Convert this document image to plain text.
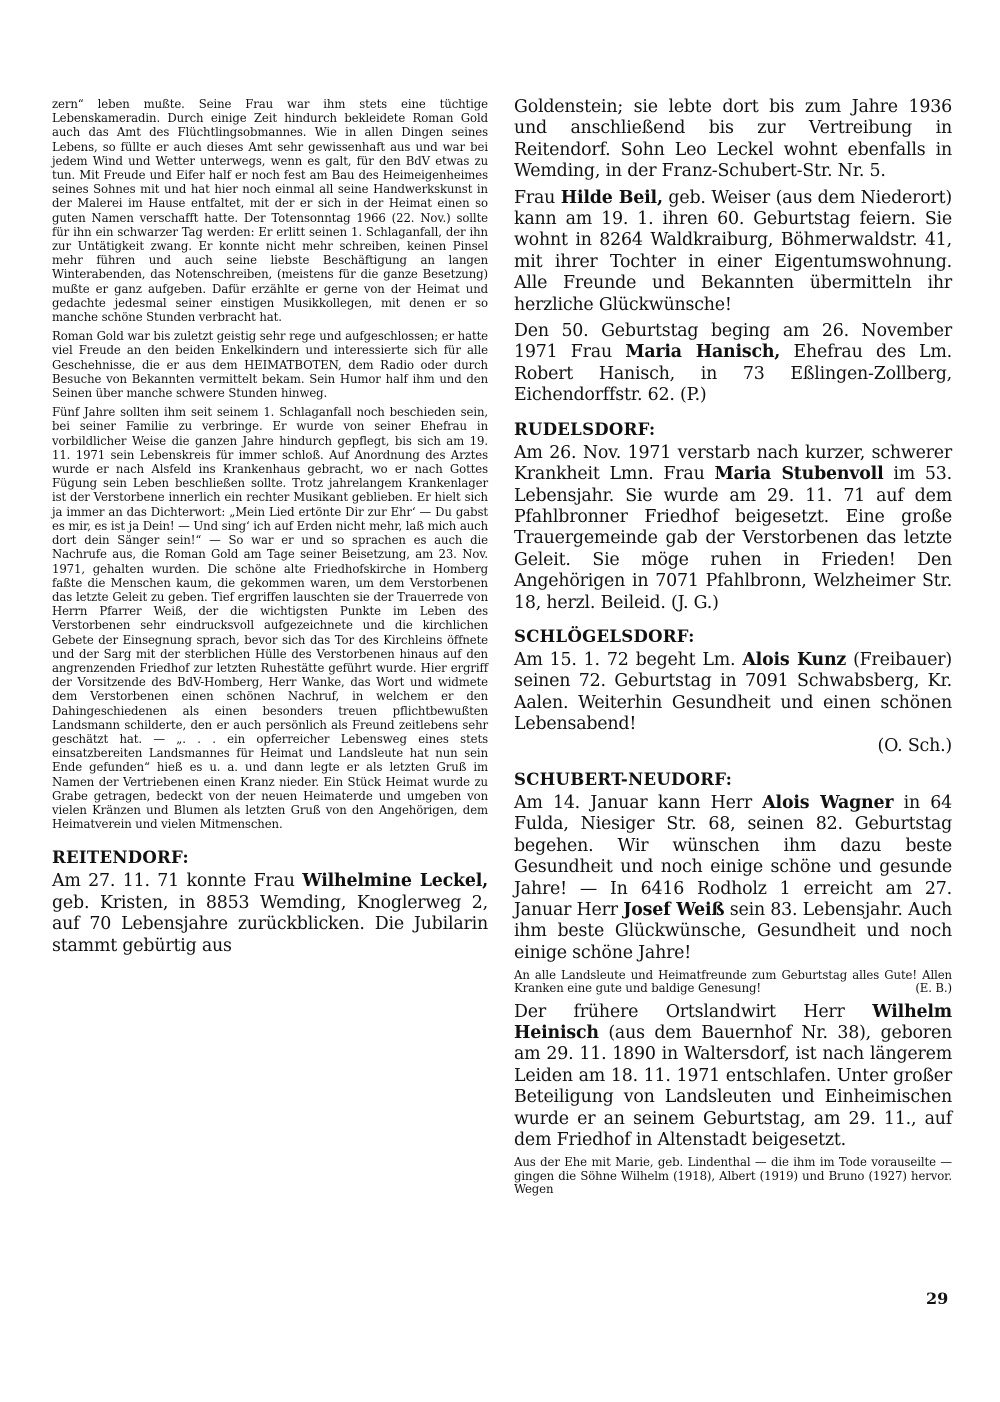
zern“ leben mußte. Seine Frau war ihm stets eine tüchtige Lebenskameradin. Durch einige Zeit hindurch bekleidete Roman Gold auch das Amt des Flüchtlingsobmannes. Wie in allen Dingen seines Lebens, so füllte er auch dieses Amt sehr gewissenhaft aus und war bei jedem Wind und Wetter unterwegs, wenn es galt, für den BdV etwas zu tun. Mit Freude und Eifer half er noch fest am Bau des Heimeigenheimes seines Sohnes mit und hat hier noch einmal all seine Handwerkskunst in der Malerei im Hause entfaltet, mit der er sich in der Heimat einen so guten Namen verschafft hatte. Der Totensonntag 1966 (22. Nov.) sollte für ihn ein schwarzer Tag werden: Er erlitt seinen 1. Schlaganfall, der ihn zur Untätigkeit zwang. Er konnte nicht mehr schreiben, keinen Pinsel mehr führen und auch seine liebste Beschäftigung an langen Winterabenden, das Notenschreiben, (meistens für die ganze Besetzung) mußte er ganz aufgeben. Dafür erzählte er gerne von der Heimat und gedachte jedesmal seiner einstigen Musikkollegen, mit denen er so manche schöne Stunden verbracht hat.

Roman Gold war bis zuletzt geistig sehr rege und aufgeschlossen; er hatte viel Freude an den beiden Enkelkindern und interessierte sich für alle Geschehnisse, die er aus dem HEIMATBOTEN, dem Radio oder durch Besuche von Bekannten vermittelt bekam. Sein Humor half ihm und den Seinen über manche schwere Stunden hinweg.

Fünf Jahre sollten ihm seit seinem 1. Schlaganfall noch beschieden sein, bei seiner Familie zu verbringe. Er wurde von seiner Ehefrau in vorbildlicher Weise die ganzen Jahre hindurch gepflegt, bis sich am 19. 11. 1971 sein Lebenskreis für immer schloß. Auf Anordnung des Arztes wurde er nach Alsfeld ins Krankenhaus gebracht, wo er nach Gottes Fügung sein Leben beschließen sollte. Trotz jahrelangem Krankenlager ist der Verstorbene innerlich ein rechter Musikant geblieben. Er hielt sich ja immer an das Dichterwort: „Mein Lied ertönte Dir zur Ehr‘ — Du gabst es mir, es ist ja Dein! — Und sing‘ ich auf Erden nicht mehr, laß mich auch dort dein Sänger sein!“ — So war er und so sprachen es auch die Nachrufe aus, die Roman Gold am Tage seiner Beisetzung, am 23. Nov. 1971, gehalten wurden. Die schöne alte Friedhofskirche in Homberg faßte die Menschen kaum, die gekommen waren, um dem Verstorbenen das letzte Geleit zu geben. Tief ergriffen lauschten sie der Trauerrede von Herrn Pfarrer Weiß, der die wichtigsten Punkte im Leben des Verstorbenen sehr eindrucksvoll aufgezeichnete und die kirchlichen Gebete der Einsegnung sprach, bevor sich das Tor des Kirchleins öffnete und der Sarg mit der sterblichen Hülle des Verstorbenen hinaus auf den angrenzenden Friedhof zur letzten Ruhestätte geführt wurde. Hier ergriff der Vorsitzende des BdV-Homberg, Herr Wanke, das Wort und widmete dem Verstorbenen einen schönen Nachruf, in welchem er den Dahingeschiedenen als einen besonders treuen pflichtbewußten Landsmann schilderte, den er auch persönlich als Freund zeitlebens sehr geschätzt hat. — „. . . ein opferreicher Lebensweg eines stets einsatzbereiten Landsmannes für Heimat und Landsleute hat nun sein Ende gefunden“ hieß es u. a. und dann legte er als letzten Gruß im Namen der Vertriebenen einen Kranz nieder. Ein Stück Heimat wurde zu Grabe getragen, bedeckt von der neuen Heimaterde und umgeben von vielen Kränzen und Blumen als letzten Gruß von den Angehörigen, dem Heimatverein und vielen Mitmenschen.

REITENDORF:

Am 27. 11. 71 konnte Frau Wilhelmine Leckel, geb. Kristen, in 8853 Wemding, Knoglerweg 2, auf 70 Lebensjahre zurückblicken. Die Jubilarin stammt gebürtig aus

Goldenstein; sie lebte dort bis zum Jahre 1936 und anschließend bis zur Vertreibung in Reitendorf. Sohn Leo Leckel wohnt ebenfalls in Wemding, in der Franz-Schubert-Str. Nr. 5.

Frau Hilde Beil, geb. Weiser (aus dem Niederort) kann am 19. 1. ihren 60. Geburtstag feiern. Sie wohnt in 8264 Waldkraiburg, Böhmerwaldstr. 41, mit ihrer Tochter in einer Eigentumswohnung. Alle Freunde und Bekannten übermitteln ihr herzliche Glückwünsche!

Den 50. Geburtstag beging am 26. November 1971 Frau Maria Hanisch, Ehefrau des Lm. Robert Hanisch, in 73 Eßlingen-Zollberg, Eichendorffstr. 62. (P.)

RUDELSDORF:

Am 26. Nov. 1971 verstarb nach kurzer, schwerer Krankheit Lmn. Frau Maria Stubenvoll im 53. Lebensjahr. Sie wurde am 29. 11. 71 auf dem Pfahlbronner Friedhof beigesetzt. Eine große Trauergemeinde gab der Verstorbenen das letzte Geleit. Sie möge ruhen in Frieden! Den Angehörigen in 7071 Pfahlbronn, Welzheimer Str. 18, herzl. Beileid. (J. G.)

SCHLÖGELSDORF:

Am 15. 1. 72 begeht Lm. Alois Kunz (Freibauer) seinen 72. Geburtstag in 7091 Schwabsberg, Kr. Aalen. Weiterhin Gesundheit und einen schönen Lebensabend!
(O. Sch.)

SCHUBERT-NEUDORF:

Am 14. Januar kann Herr Alois Wagner in 64 Fulda, Niesiger Str. 68, seinen 82. Geburtstag begehen. Wir wünschen ihm dazu beste Gesundheit und noch einige schöne und gesunde Jahre! — In 6416 Rodholz 1 erreicht am 27. Januar Herr Josef Weiß sein 83. Lebensjahr. Auch ihm beste Glückwünsche, Gesundheit und noch einige schöne Jahre!

An alle Landsleute und Heimatfreunde zum Geburtstag alles Gute! Allen Kranken eine gute und baldige Genesung!	(E. B.)

Der frühere Ortslandwirt Herr Wilhelm Heinisch (aus dem Bauernhof Nr. 38), geboren am 29. 11. 1890 in Waltersdorf, ist nach längerem Leiden am 18. 11. 1971 entschlafen. Unter großer Beteiligung von Landsleuten und Einheimischen wurde er an seinem Geburtstag, am 29. 11., auf dem Friedhof in Altenstadt beigesetzt.

Aus der Ehe mit Marie, geb. Lindenthal — die ihm im Tode vorauseilte — gingen die Söhne Wilhelm (1918), Albert (1919) und Bruno (1927) hervor. Wegen

29
